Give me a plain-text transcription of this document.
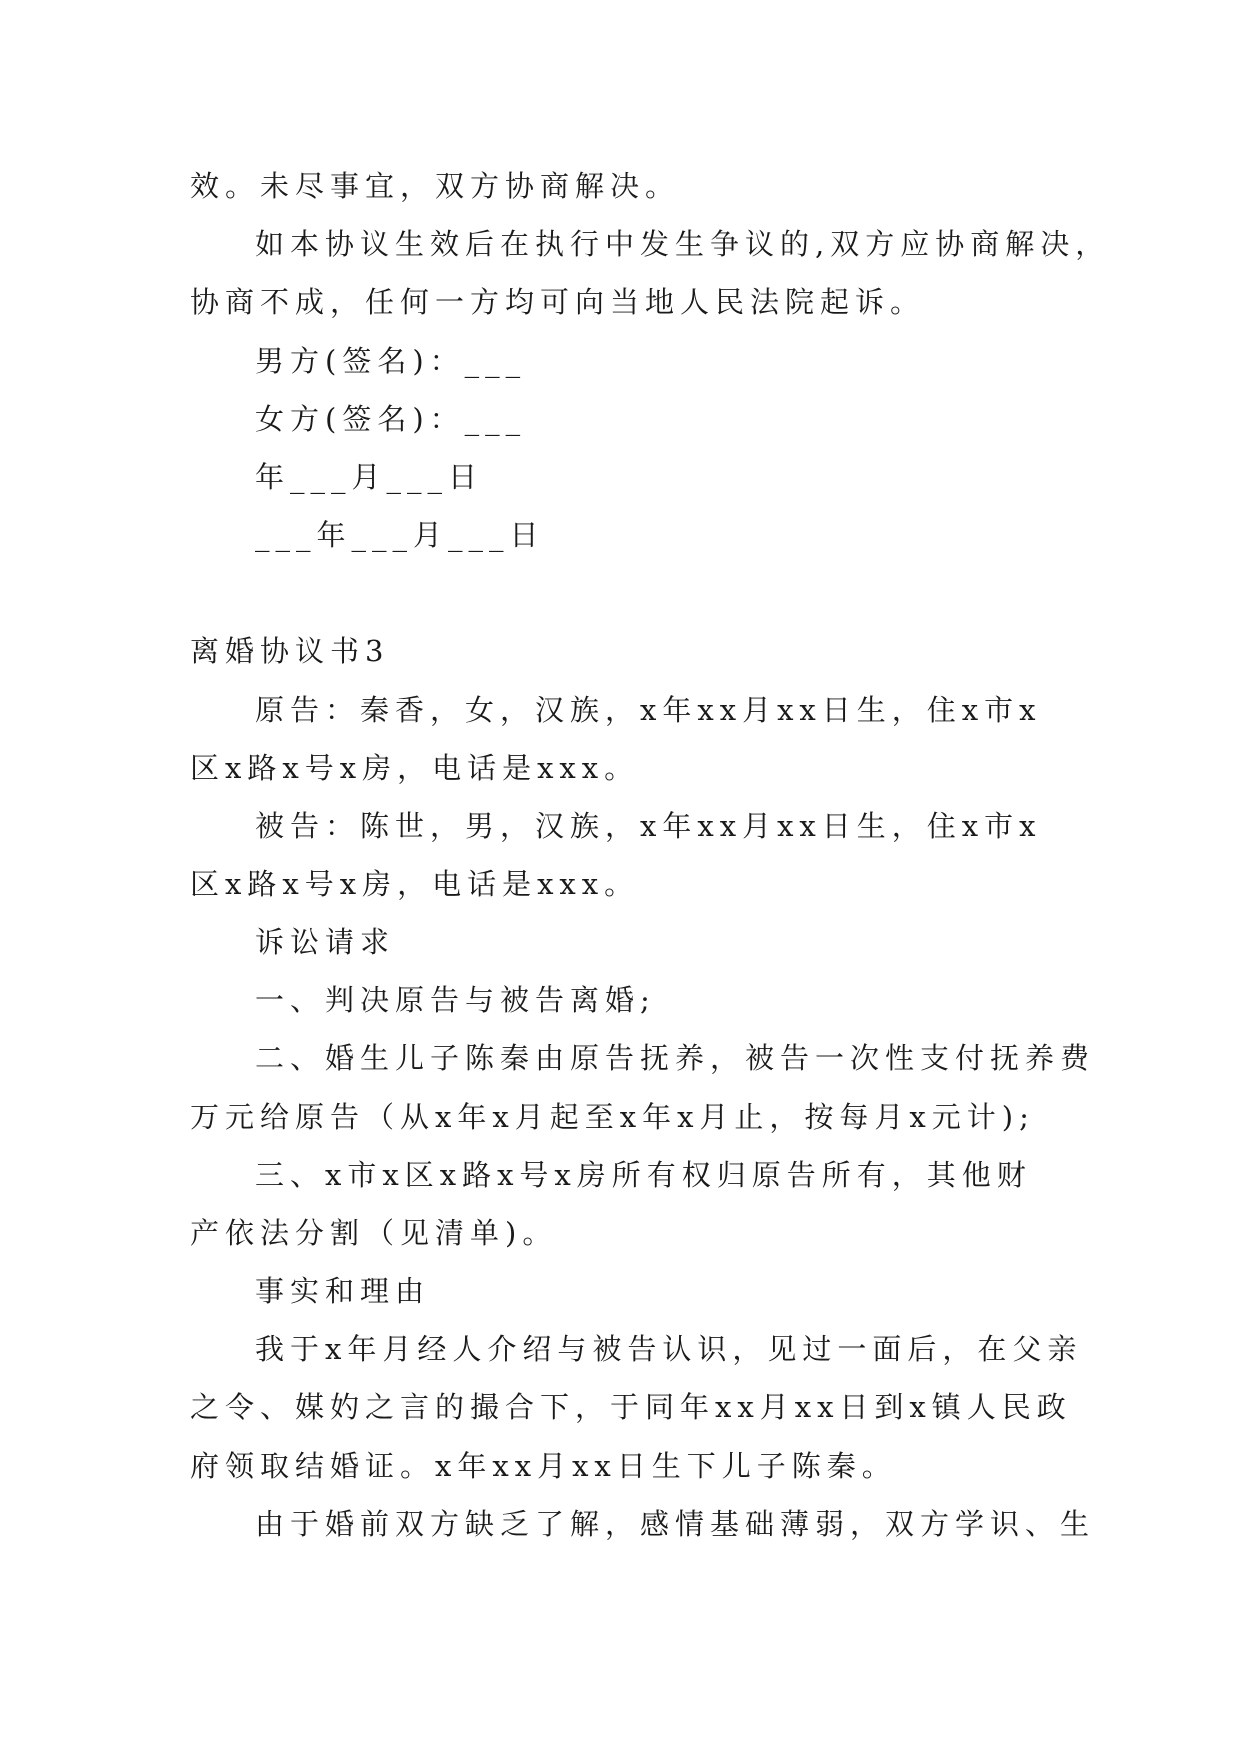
效。未尽事宜，双方协商解决。
如本协议生效后在执行中发生争议的,双方应协商解决，
协商不成，任何一方均可向当地人民法院起诉。
男方(签名)：___
女方(签名)：___
年___月___日
___年___月___日
离婚协议书3
原告：秦香，女，汉族，x年xx月xx日生，住x市x
区x路x号x房，电话是xxx。
被告：陈世，男，汉族，x年xx月xx日生，住x市x
区x路x号x房，电话是xxx。
诉讼请求
一、判决原告与被告离婚;
二、婚生儿子陈秦由原告抚养，被告一次性支付抚养费
万元给原告（从x年x月起至x年x月止，按每月x元计);
三、x市x区x路x号x房所有权归原告所有，其他财
产依法分割（见清单)。
事实和理由
我于x年月经人介绍与被告认识，见过一面后，在父亲
之令、媒妁之言的撮合下，于同年xx月xx日到x镇人民政
府领取结婚证。x年xx月xx日生下儿子陈秦。
由于婚前双方缺乏了解，感情基础薄弱，双方学识、生
